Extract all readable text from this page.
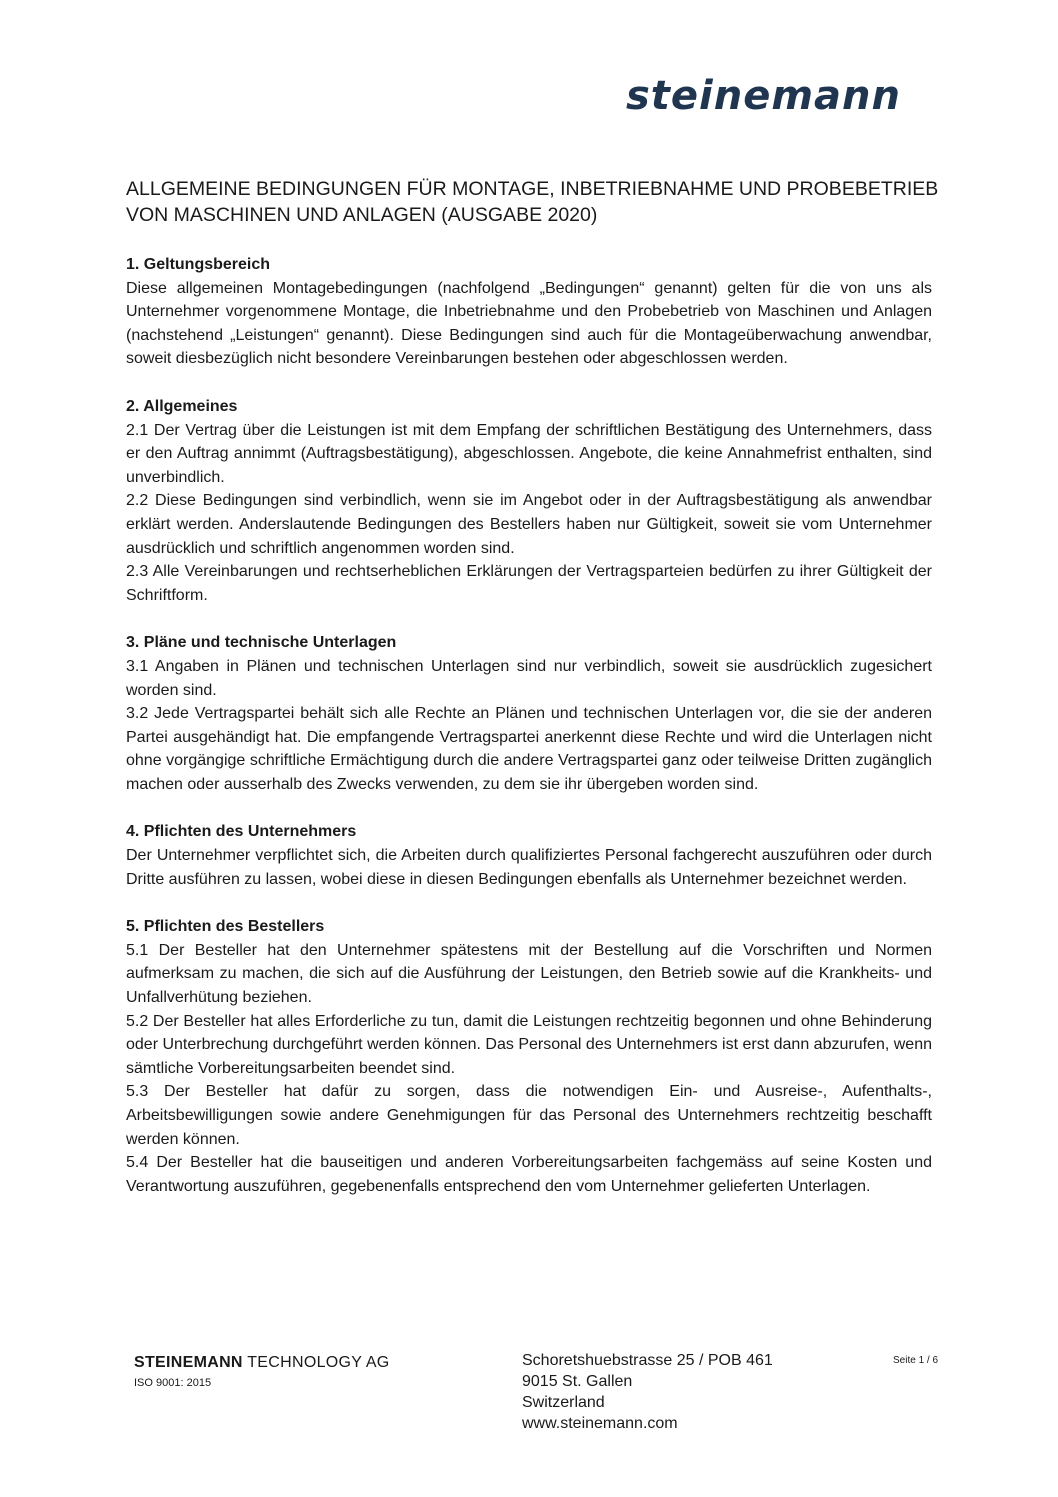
steinemann
ALLGEMEINE BEDINGUNGEN FÜR MONTAGE, INBETRIEBNAHME UND PROBEBETRIEB
VON MASCHINEN UND ANLAGEN (AUSGABE 2020)
1. Geltungsbereich

Diese allgemeinen Montagebedingungen (nachfolgend „Bedingungen“ genannt) gelten für die von uns als Unternehmer vorgenommene Montage, die Inbetriebnahme und den Probebetrieb von Maschinen und Anlagen (nachstehend „Leistungen“ genannt). Diese Bedingungen sind auch für die Montageüberwachung anwendbar, soweit diesbezüglich nicht besondere Vereinbarungen bestehen oder abgeschlossen werden.

2. Allgemeines

2.1 Der Vertrag über die Leistungen ist mit dem Empfang der schriftlichen Bestätigung des Unternehmers, dass er den Auftrag annimmt (Auftragsbestätigung), abgeschlossen. Angebote, die keine Annahmefrist enthalten, sind unverbindlich.

2.2 Diese Bedingungen sind verbindlich, wenn sie im Angebot oder in der Auftragsbestätigung als anwendbar erklärt werden. Anderslautende Bedingungen des Bestellers haben nur Gültigkeit, soweit sie vom Unternehmer ausdrücklich und schriftlich angenommen worden sind.

2.3 Alle Vereinbarungen und rechtserheblichen Erklärungen der Vertragsparteien bedürfen zu ihrer Gültigkeit der Schriftform.

3. Pläne und technische Unterlagen

3.1 Angaben in Plänen und technischen Unterlagen sind nur verbindlich, soweit sie ausdrücklich zugesichert worden sind.

3.2 Jede Vertragspartei behält sich alle Rechte an Plänen und technischen Unterlagen vor, die sie der anderen Partei ausgehändigt hat. Die empfangende Vertragspartei anerkennt diese Rechte und wird die Unterlagen nicht ohne vorgängige schriftliche Ermächtigung durch die andere Vertragspartei ganz oder teilweise Dritten zugänglich machen oder ausserhalb des Zwecks verwenden, zu dem sie ihr übergeben worden sind.

4. Pflichten des Unternehmers

Der Unternehmer verpflichtet sich, die Arbeiten durch qualifiziertes Personal fachgerecht auszuführen oder durch Dritte ausführen zu lassen, wobei diese in diesen Bedingungen ebenfalls als Unternehmer bezeichnet werden.

5. Pflichten des Bestellers

5.1 Der Besteller hat den Unternehmer spätestens mit der Bestellung auf die Vorschriften und Normen aufmerksam zu machen, die sich auf die Ausführung der Leistungen, den Betrieb sowie auf die Krankheits- und Unfallverhütung beziehen.

5.2 Der Besteller hat alles Erforderliche zu tun, damit die Leistungen rechtzeitig begonnen und ohne Behinderung oder Unterbrechung durchgeführt werden können. Das Personal des Unternehmers ist erst dann abzurufen, wenn sämtliche Vorbereitungsarbeiten beendet sind.

5.3 Der Besteller hat dafür zu sorgen, dass die notwendigen Ein- und Ausreise-, Aufenthalts-, Arbeitsbewilligungen sowie andere Genehmigungen für das Personal des Unternehmers rechtzeitig beschafft werden können.

5.4 Der Besteller hat die bauseitigen und anderen Vorbereitungsarbeiten fachgemäss auf seine Kosten und Verantwortung auszuführen, gegebenenfalls entsprechend den vom Unternehmer gelieferten Unterlagen.

STEINEMANN TECHNOLOGY AG
ISO 9001: 2015
Schoretshuebstrasse 25 / POB 461
9015 St. Gallen
Switzerland
www.steinemann.com
Seite 1 / 6
